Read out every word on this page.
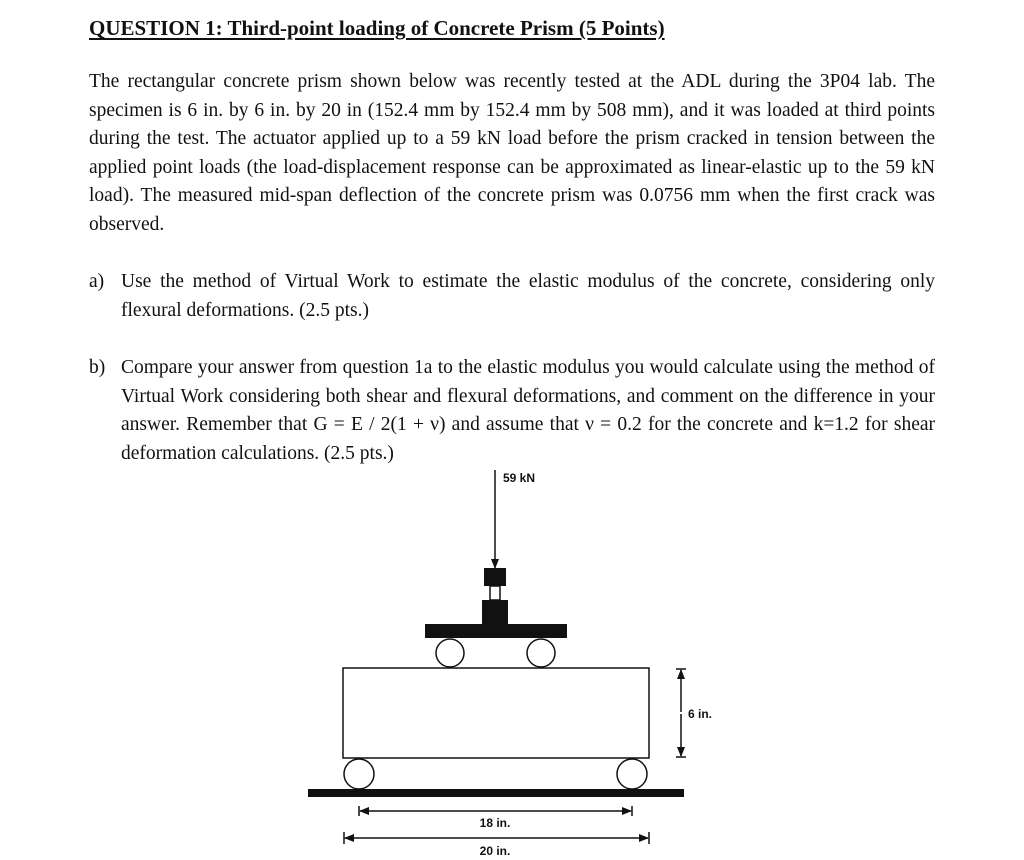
QUESTION 1: Third-point loading of Concrete Prism (5 Points)

The rectangular concrete prism shown below was recently tested at the ADL during the 3P04 lab. The specimen is 6 in. by 6 in. by 20 in (152.4 mm by 152.4 mm by 508 mm), and it was loaded at third points during the test. The actuator applied up to a 59 kN load before the prism cracked in tension between the applied point loads (the load-displacement response can be approximated as linear-elastic up to the 59 kN load). The measured mid-span deflection of the concrete prism was 0.0756 mm when the first crack was observed.

a) Use the method of Virtual Work to estimate the elastic modulus of the concrete, considering only flexural deformations. (2.5 pts.)
b) Compare your answer from question 1a to the elastic modulus you would calculate using the method of Virtual Work considering both shear and flexural deformations, and comment on the difference in your answer. Remember that G = E / 2(1 + ν) and assume that ν = 0.2 for the concrete and k=1.2 for shear deformation calculations. (2.5 pts.)
59 kN
6 in.
18 in.
20 in.
